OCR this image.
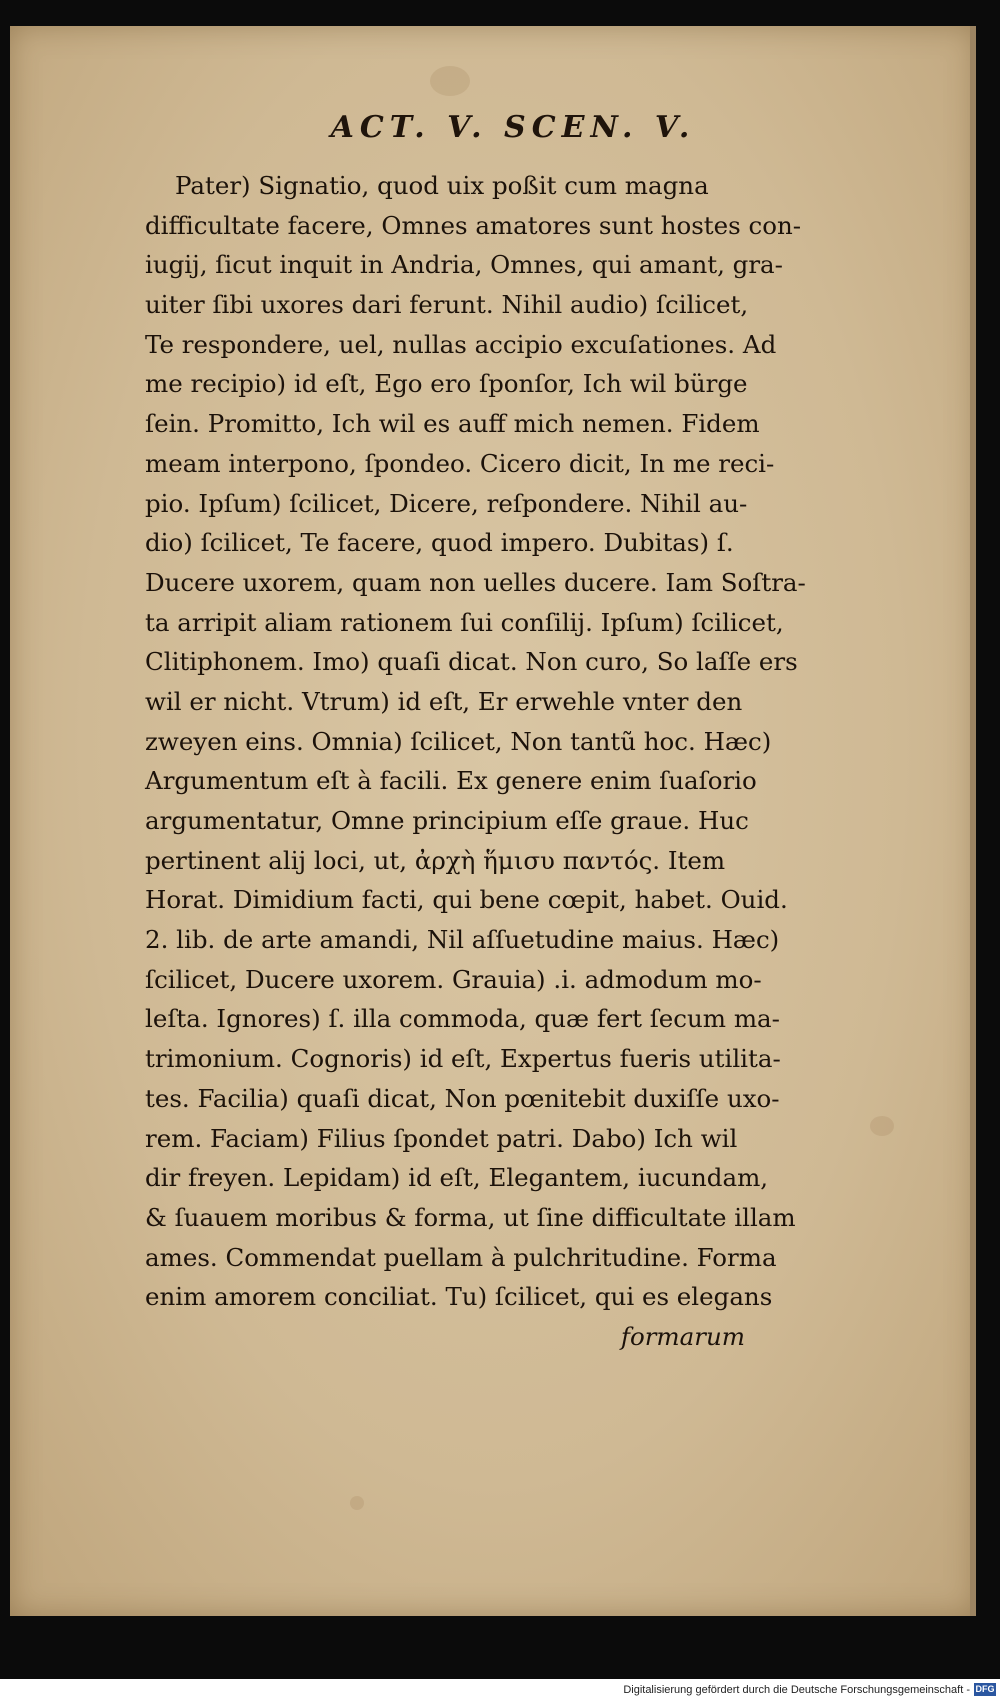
ACT. V. SCEN. V.
Pater) Signatio, quod uix poßit cum magna
difficultate facere, Omnes amatores sunt hostes con-
iugij, ſicut inquit in Andria, Omnes, qui amant, gra-
uiter ſibi uxores dari ferunt. Nihil audio) ſcilicet,
Te respondere, uel, nullas accipio excuſationes. Ad
me recipio) id eſt, Ego ero ſponſor, Ich wil bürge
ſein. Promitto, Ich wil es auff mich nemen. Fidem
meam interpono, ſpondeo. Cicero dicit, In me reci-
pio. Ipſum) ſcilicet, Dicere, reſpondere. Nihil au-
dio) ſcilicet, Te facere, quod impero. Dubitas) ſ.
Ducere uxorem, quam non uelles ducere. Iam Soſtra-
ta arripit aliam rationem ſui conſilij. Ipſum) ſcilicet,
Clitiphonem. Imo) quaſi dicat. Non curo, So laſſe ers
wil er nicht. Vtrum) id eſt, Er erwehle vnter den
zweyen eins. Omnia) ſcilicet, Non tantũ hoc. Hæc)
Argumentum eſt à facili. Ex genere enim ſuaſorio
argumentatur, Omne principium eſſe graue. Huc
pertinent alij loci, ut, ἀρχὴ ἥμισυ παντός. Item
Horat. Dimidium facti, qui bene cœpit, habet. Ouid.
2. lib. de arte amandi, Nil aſſuetudine maius. Hæc)
ſcilicet, Ducere uxorem. Grauia) .i. admodum mo-
leſta. Ignores) ſ. illa commoda, quæ fert ſecum ma-
trimonium. Cognoris) id eſt, Expertus fueris utilita-
tes. Facilia) quaſi dicat, Non pœnitebit duxiſſe uxo-
rem. Faciam) Filius ſpondet patri. Dabo) Ich wil
dir freyen. Lepidam) id eſt, Elegantem, iucundam,
& ſuauem moribus & forma, ut ſine difficultate illam
ames. Commendat puellam à pulchritudine. Forma
enim amorem conciliat. Tu) ſcilicet, qui es elegans
formarum
Digitalisierung gefördert durch die Deutsche Forschungsgemeinschaft - DFG
